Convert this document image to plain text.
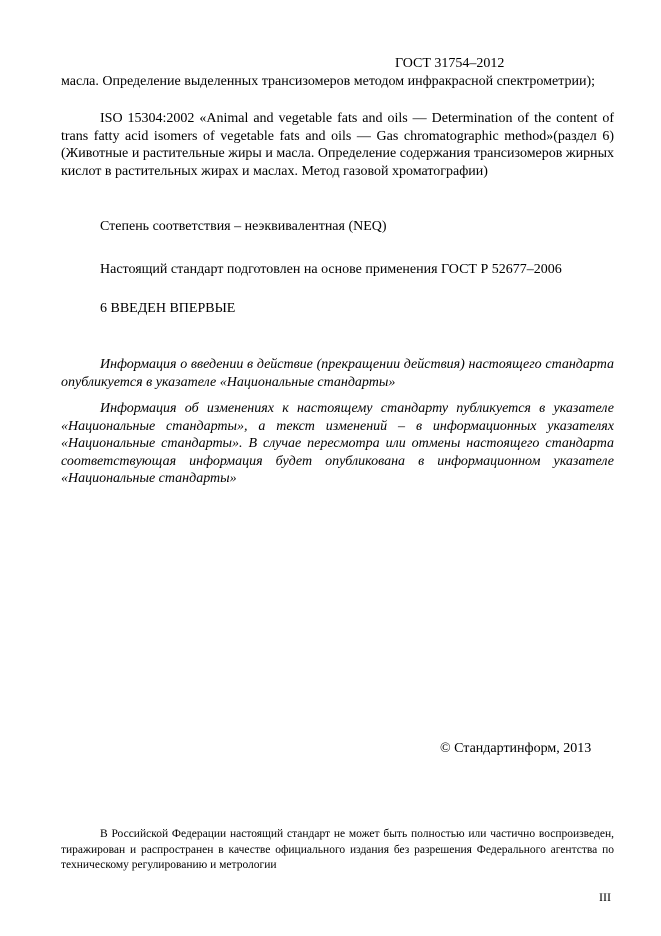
ГОСТ 31754–2012

масла. Определение выделенных трансизомеров методом инфракрасной спектрометрии);

ISO 15304:2002 «Animal and vegetable fats and oils — Determination of the content of trans fatty acid isomers of vegetable fats and oils — Gas chromatographic method»(раздел 6) (Животные и растительные жиры и масла. Определение содержания трансизомеров жирных кислот в растительных жирах и маслах. Метод газовой хроматографии)

Степень соответствия – неэквивалентная (NEQ)

Настоящий стандарт подготовлен на основе применения ГОСТ Р 52677–2006

6 ВВЕДЕН ВПЕРВЫЕ

Информация о введении в действие (прекращении действия) настоящего стандарта опубликуется в указателе «Национальные стандарты»

Информация об изменениях к настоящему стандарту публикуется в указателе «Национальные стандарты», а текст изменений – в информационных указателях «Национальные стандарты». В случае пересмотра или отмены настоящего стандарта соответствующая информация будет опубликована в информационном указателе «Национальные стандарты»

© Стандартинформ, 2013

В Российской Федерации настоящий стандарт не может быть полностью или частично воспроизведен, тиражирован и распространен в качестве официального издания без разрешения Федерального агентства по техническому регулированию и метрологии

III
